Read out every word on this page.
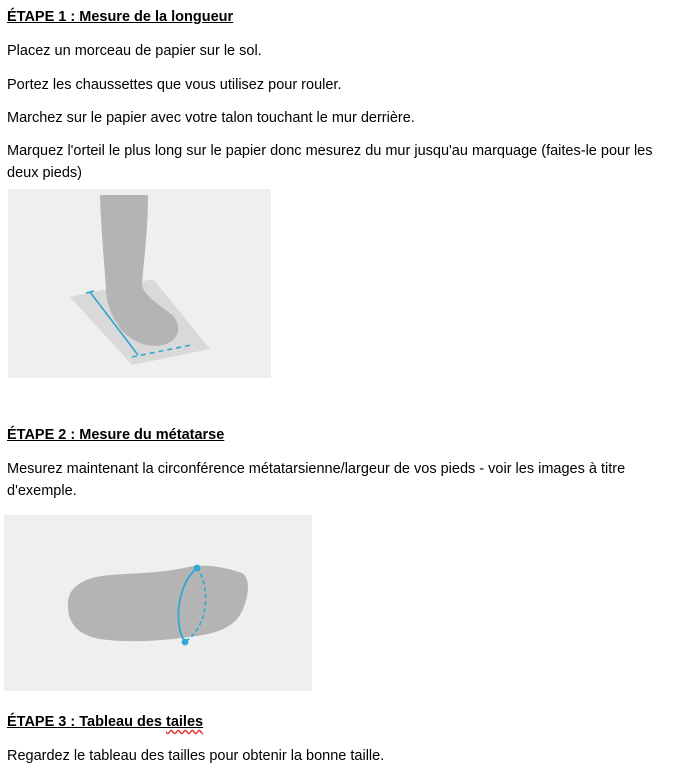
ÉTAPE 1 : Mesure de la longueur
Placez un morceau de papier sur le sol.
Portez les chaussettes que vous utilisez pour rouler.
Marchez sur le papier avec votre talon touchant le mur derrière.
Marquez l'orteil le plus long sur le papier donc mesurez du mur jusqu'au marquage (faites-le pour les deux pieds)
ÉTAPE 2 : Mesure du métatarse
Mesurez maintenant la circonférence métatarsienne/largeur de vos pieds - voir les images à titre d'exemple.
ÉTAPE 3 : Tableau des tailes
Regardez le tableau des tailles pour obtenir la bonne taille.
